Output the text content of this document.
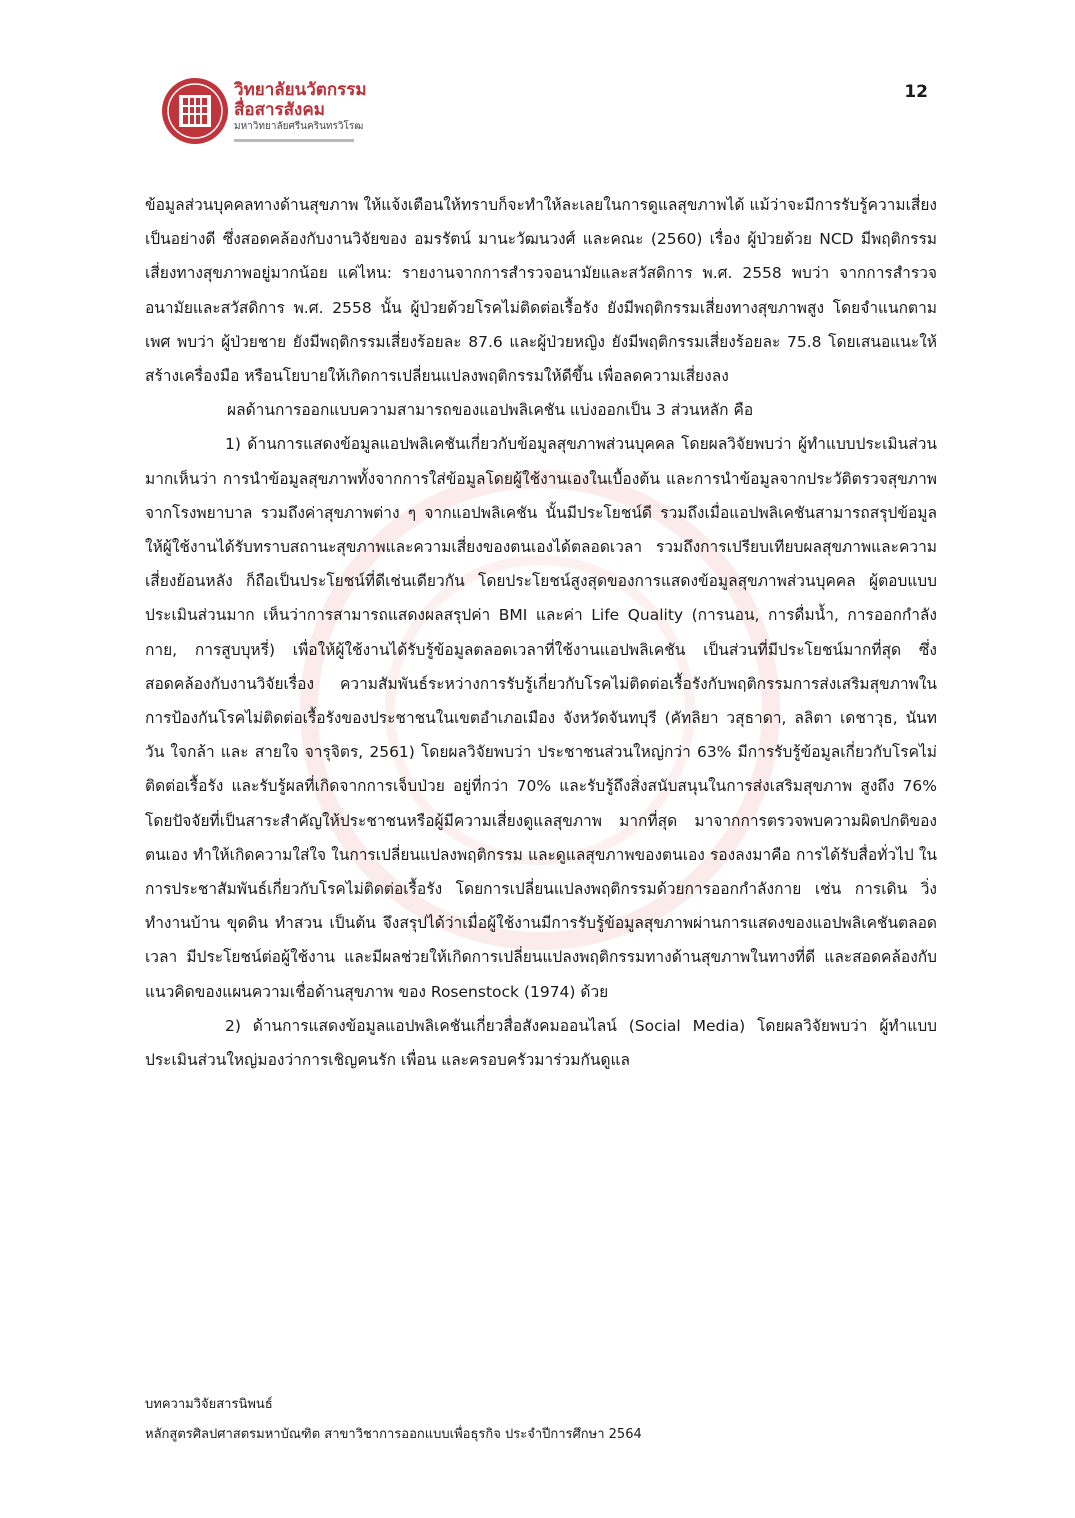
วิทยาลัยนวัตกรรม
สื่อสารสังคม
มหาวิทยาลัยศรีนครินทรวิโรฒ
12

ข้อมูลส่วนบุคคลทางด้านสุขภาพ ให้แจ้งเตือนให้ทราบก็จะทำให้ละเลยในการดูแลสุขภาพได้ แม้ว่าจะมีการรับรู้ความเสี่ยงเป็นอย่างดี ซึ่งสอดคล้องกับงานวิจัยของ อมรรัตน์ มานะวัฒนวงศ์ และคณะ (2560) เรื่อง ผู้ป่วยด้วย NCD มีพฤติกรรมเสี่ยงทางสุขภาพอยู่มากน้อย แค่ไหน: รายงานจากการสำรวจอนามัยและสวัสดิการ พ.ศ. 2558 พบว่า จากการสำรวจอนามัยและสวัสดิการ พ.ศ. 2558 นั้น ผู้ป่วยด้วยโรคไม่ติดต่อเรื้อรัง ยังมีพฤติกรรมเสี่ยงทางสุขภาพสูง โดยจำแนกตามเพศ พบว่า ผู้ป่วยชาย ยังมีพฤติกรรมเสี่ยงร้อยละ 87.6 และผู้ป่วยหญิง ยังมีพฤติกรรมเสี่ยงร้อยละ 75.8 โดยเสนอแนะให้สร้างเครื่องมือ หรือนโยบายให้เกิดการเปลี่ยนแปลงพฤติกรรมให้ดีขึ้น เพื่อลดความเสี่ยงลง

ผลด้านการออกแบบความสามารถของแอปพลิเคชัน แบ่งออกเป็น 3 ส่วนหลัก คือ

1) ด้านการแสดงข้อมูลแอปพลิเคชันเกี่ยวกับข้อมูลสุขภาพส่วนบุคคล โดยผลวิจัยพบว่า ผู้ทำแบบประเมินส่วนมากเห็นว่า การนำข้อมูลสุขภาพทั้งจากการใส่ข้อมูลโดยผู้ใช้งานเองในเบื้องต้น และการนำข้อมูลจากประวัติตรวจสุขภาพจากโรงพยาบาล รวมถึงค่าสุขภาพต่าง ๆ จากแอปพลิเคชัน นั้นมีประโยชน์ดี รวมถึงเมื่อแอปพลิเคชันสามารถสรุปข้อมูลให้ผู้ใช้งานได้รับทราบสถานะสุขภาพและความเสี่ยงของตนเองได้ตลอดเวลา รวมถึงการเปรียบเทียบผลสุขภาพและความเสี่ยงย้อนหลัง ก็ถือเป็นประโยชน์ที่ดีเช่นเดียวกัน โดยประโยชน์สูงสุดของการแสดงข้อมูลสุขภาพส่วนบุคคล ผู้ตอบแบบประเมินส่วนมาก เห็นว่าการสามารถแสดงผลสรุปค่า BMI และค่า Life Quality (การนอน, การดื่มน้ำ, การออกกำลังกาย, การสูบบุหรี่) เพื่อให้ผู้ใช้งานได้รับรู้ข้อมูลตลอดเวลาที่ใช้งานแอปพลิเคชัน เป็นส่วนที่มีประโยชน์มากที่สุด ซึ่งสอดคล้องกับงานวิจัยเรื่อง ความสัมพันธ์ระหว่างการรับรู้เกี่ยวกับโรคไม่ติดต่อเรื้อรังกับพฤติกรรมการส่งเสริมสุขภาพในการป้องกันโรคไม่ติดต่อเรื้อรังของประชาชนในเขตอำเภอเมือง จังหวัดจันทบุรี (คัทลิยา วสุธาดา, ลลิตา เดชาวุธ, นันทวัน ใจกล้า และ สายใจ จารุจิตร, 2561) โดยผลวิจัยพบว่า ประชาชนส่วนใหญ่กว่า 63% มีการรับรู้ข้อมูลเกี่ยวกับโรคไม่ติดต่อเรื้อรัง และรับรู้ผลที่เกิดจากการเจ็บป่วย อยู่ที่กว่า 70% และรับรู้ถึงสิ่งสนับสนุนในการส่งเสริมสุขภาพ สูงถึง 76% โดยปัจจัยที่เป็นสาระสำคัญให้ประชาชนหรือผู้มีความเสี่ยงดูแลสุขภาพ มากที่สุด มาจากการตรวจพบความผิดปกติของตนเอง ทำให้เกิดความใส่ใจ ในการเปลี่ยนแปลงพฤติกรรม และดูแลสุขภาพของตนเอง รองลงมาคือ การได้รับสื่อทั่วไป ในการประชาสัมพันธ์เกี่ยวกับโรคไม่ติดต่อเรื้อรัง โดยการเปลี่ยนแปลงพฤติกรรมด้วยการออกกำลังกาย เช่น การเดิน วิ่ง ทำงานบ้าน ขุดดิน ทำสวน เป็นต้น จึงสรุปได้ว่าเมื่อผู้ใช้งานมีการรับรู้ข้อมูลสุขภาพผ่านการแสดงของแอปพลิเคชันตลอดเวลา มีประโยชน์ต่อผู้ใช้งาน และมีผลช่วยให้เกิดการเปลี่ยนแปลงพฤติกรรมทางด้านสุขภาพในทางที่ดี และสอดคล้องกับแนวคิดของแผนความเชื่อด้านสุขภาพ ของ Rosenstock (1974) ด้วย

2) ด้านการแสดงข้อมูลแอปพลิเคชันเกี่ยวสื่อสังคมออนไลน์ (Social Media) โดยผลวิจัยพบว่า ผู้ทำแบบประเมินส่วนใหญ่มองว่าการเชิญคนรัก เพื่อน และครอบครัวมาร่วมกันดูแล

บทความวิจัยสารนิพนธ์
หลักสูตรศิลปศาสตรมหาบัณฑิต สาขาวิชาการออกแบบเพื่อธุรกิจ ประจำปีการศึกษา 2564
